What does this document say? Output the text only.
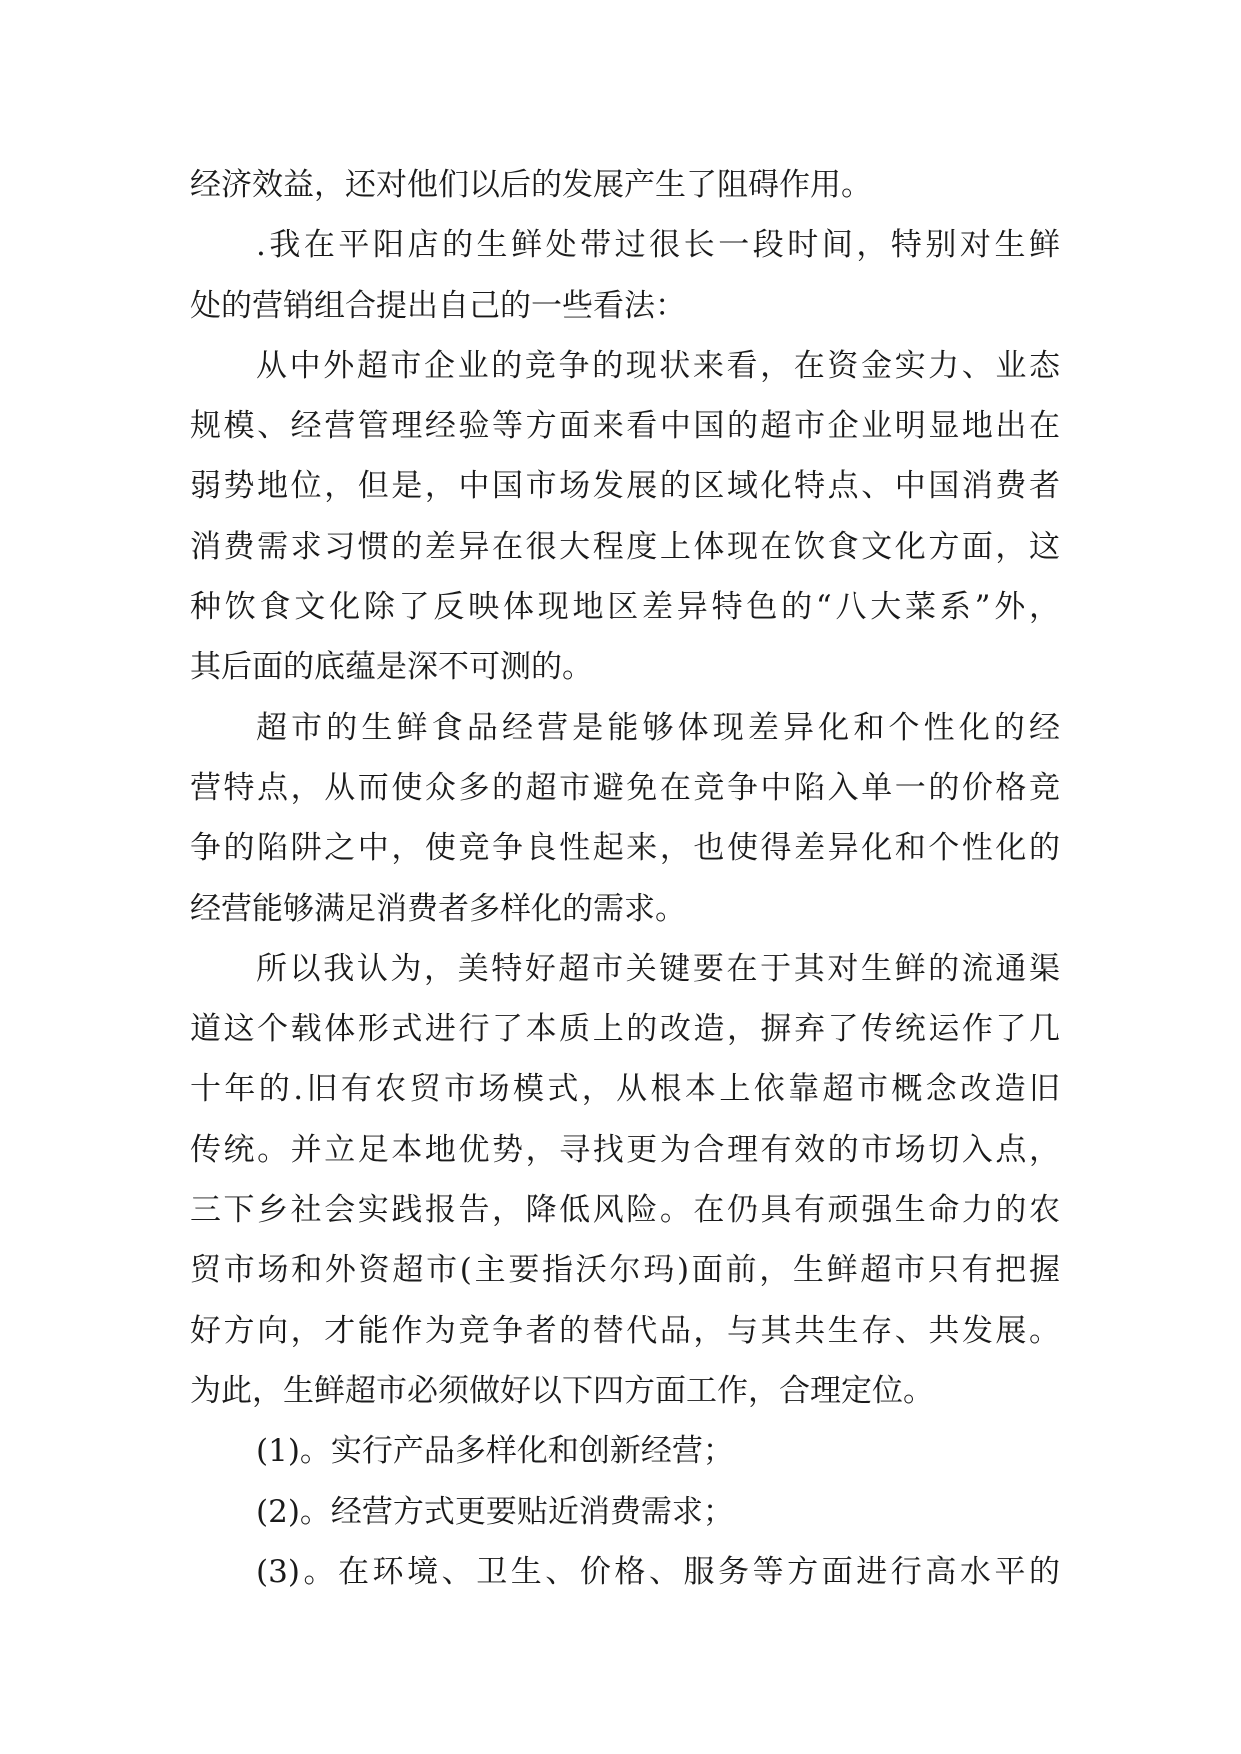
经济效益，还对他们以后的发展产生了阻碍作用。
.我在平阳店的生鲜处带过很长一段时间，特别对生鲜
处的营销组合提出自己的一些看法：
从中外超市企业的竞争的现状来看，在资金实力、业态
规模、经营管理经验等方面来看中国的超市企业明显地出在
弱势地位，但是，中国市场发展的区域化特点、中国消费者
消费需求习惯的差异在很大程度上体现在饮食文化方面，这
种饮食文化除了反映体现地区差异特色的“八大菜系”外，
其后面的底蕴是深不可测的。
超市的生鲜食品经营是能够体现差异化和个性化的经
营特点，从而使众多的超市避免在竞争中陷入单一的价格竞
争的陷阱之中，使竞争良性起来，也使得差异化和个性化的
经营能够满足消费者多样化的需求。
所以我认为，美特好超市关键要在于其对生鲜的流通渠
道这个载体形式进行了本质上的改造，摒弃了传统运作了几
十年的.旧有农贸市场模式，从根本上依靠超市概念改造旧
传统。并立足本地优势，寻找更为合理有效的市场切入点，
三下乡社会实践报告，降低风险。在仍具有顽强生命力的农
贸市场和外资超市(主要指沃尔玛)面前，生鲜超市只有把握
好方向，才能作为竞争者的替代品，与其共生存、共发展。
为此，生鲜超市必须做好以下四方面工作，合理定位。
(1)。实行产品多样化和创新经营；
(2)。经营方式更要贴近消费需求；
(3)。在环境、卫生、价格、服务等方面进行高水平的
